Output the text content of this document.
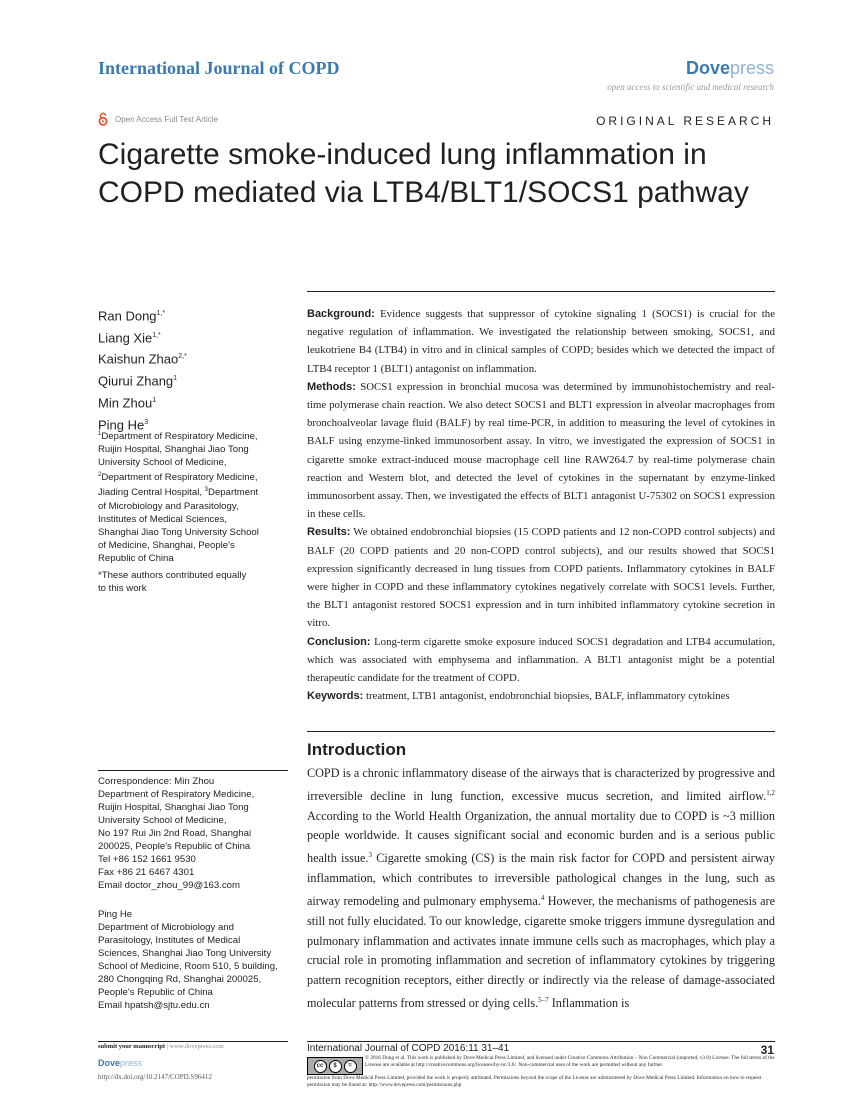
International Journal of COPD	Dovepress
open access to scientific and medical research
Open Access Full Text Article	ORIGINAL RESEARCH
Cigarette smoke-induced lung inflammation in
COPD mediated via LTB4/BLT1/SOCS1 pathway
Ran Dong$^{1,*}$
Liang Xie$^{1,*}$
Kaishun Zhao$^{2,*}$
Qiurui Zhang$^1$
Min Zhou$^1$
Ping He$^3$
$^1$Department of Respiratory Medicine,
Ruijin Hospital, Shanghai Jiao Tong
University School of Medicine,
$^2$Department of Respiratory Medicine,
Jiading Central Hospital, $^3$Department
of Microbiology and Parasitology,
Institutes of Medical Sciences,
Shanghai Jiao Tong University School
of Medicine, Shanghai, People's
Republic of China
*These authors contributed equally
to this work

Background: Evidence suggests that suppressor of cytokine signaling 1 (SOCS1) is crucial for the negative regulation of inflammation. We investigated the relationship between smoking, SOCS1, and leukotriene B4 (LTB4) in vitro and in clinical samples of COPD; besides which we detected the impact of LTB4 receptor 1 (BLT1) antagonist on inflammation.

Methods: SOCS1 expression in bronchial mucosa was determined by immunohistochemistry and real-time polymerase chain reaction. We also detect SOCS1 and BLT1 expression in alveolar macrophages from bronchoalveolar lavage fluid (BALF) by real time-PCR, in addition to measuring the level of cytokines in BALF using enzyme-linked immunosorbent assay. In vitro, we investigated the expression of SOCS1 in cigarette smoke extract-induced mouse macrophage cell line RAW264.7 by real-time polymerase chain reaction and Western blot, and detected the level of cytokines in the supernatant by enzyme-linked immunosorbent assay. Then, we investigated the effects of BLT1 antagonist U-75302 on SOCS1 expression in these cells.

Results: We obtained endobronchial biopsies (15 COPD patients and 12 non-COPD control subjects) and BALF (20 COPD patients and 20 non-COPD control subjects), and our results showed that SOCS1 expression significantly decreased in lung tissues from COPD patients. Inflammatory cytokines in BALF were higher in COPD and these inflammatory cytokines negatively correlate with SOCS1 levels. Further, the BLT1 antagonist restored SOCS1 expression and in turn inhibited inflammatory cytokine secretion in vitro.

Conclusion: Long-term cigarette smoke exposure induced SOCS1 degradation and LTB4 accumulation, which was associated with emphysema and inflammation. A BLT1 antagonist might be a potential therapeutic candidate for the treatment of COPD.

Keywords: treatment, LTB1 antagonist, endobronchial biopsies, BALF, inflammatory cytokines

Introduction
COPD is a chronic inflammatory disease of the airways that is characterized by progressive and irreversible decline in lung function, excessive mucus secretion, and limited airflow.$^{1,2}$ According to the World Health Organization, the annual mortality due to COPD is ~3 million people worldwide. It causes significant social and economic burden and is a serious public health issue.$^3$ Cigarette smoking (CS) is the main risk factor for COPD and persistent airway inflammation, which contributes to irreversible pathological changes in the lung, such as airway remodeling and pulmonary emphysema.$^4$ However, the mechanisms of pathogenesis are still not fully elucidated. To our knowledge, cigarette smoke triggers immune dysregulation and pulmonary inflammation and activates innate immune cells such as macrophages, which play a crucial role in promoting inflammation and secretion of inflammatory cytokines by triggering pattern recognition receptors, either directly or indirectly via the release of damage-associated molecular patterns from stressed or dying cells.$^{5-7}$ Inflammation is
Correspondence: Min Zhou
Department of Respiratory Medicine,
Ruijin Hospital, Shanghai Jiao Tong
University School of Medicine,
No 197 Rui Jin 2nd Road, Shanghai
200025, People's Republic of China
Tel +86 152 1661 9530
Fax +86 21 6467 4301
Email doctor_zhou_99@163.com
Ping He
Department of Microbiology and
Parasitology, Institutes of Medical
Sciences, Shanghai Jiao Tong University
School of Medicine, Room 510, 5 building,
280 Chongqing Rd, Shanghai 200025,
People's Republic of China
Email hpatsh@sjtu.edu.cn
submit your manuscript | www.dovepress.com
Dovepress
http://dx.doi.org/10.2147/COPD.S96412
International Journal of COPD 2016:11 31–41	31
cc	$	=
© 2016 Dong et al. This work is published by Dove Medical Press Limited, and licensed under Creative Commons Attribution – Non Commercial (unported, v3.0) License. The full terms of the License are available at http://creativecommons.org/licenses/by-nc/3.0/. Non-commercial uses of the work are permitted without any further
permission from Dove Medical Press Limited, provided the work is properly attributed. Permissions beyond the scope of the License are administered by Dove Medical Press Limited. Information on how to request permission may be found at: http://www.dovepress.com/permissions.php
